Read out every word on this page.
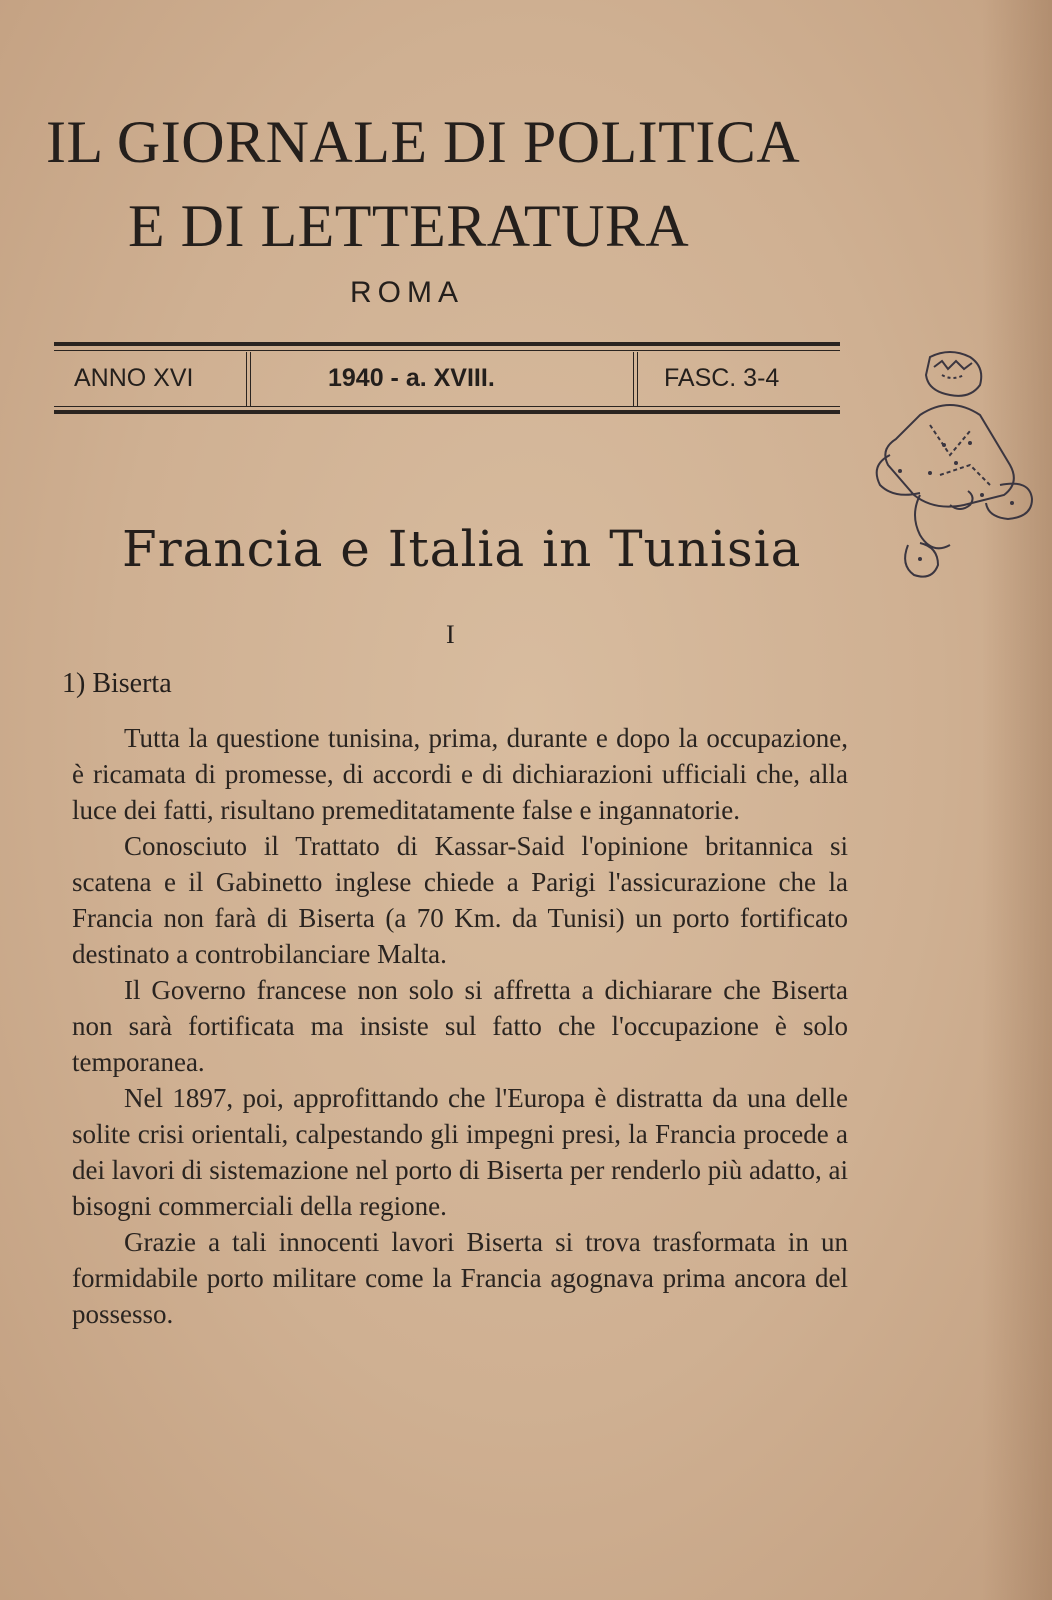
IL GIORNALE DI POLITICA
E DI LETTERATURA
ROMA
ANNO XVI	1940 - a. XVIII.	FASC. 3-4
Francia e Italia in Tunisia
I
1) Biserta

Tutta la questione tunisina, prima, durante e dopo la occupazione, è ricamata di promesse, di accordi e di dichiarazioni ufficiali che, alla luce dei fatti, risultano premeditatamente false e ingannatorie.

Conosciuto il Trattato di Kassar-Said l'opinione britannica si scatena e il Gabinetto inglese chiede a Parigi l'assicurazione che la Francia non farà di Biserta (a 70 Km. da Tunisi) un porto fortificato destinato a controbilanciare Malta.

Il Governo francese non solo si affretta a dichiarare che Biserta non sarà fortificata ma insiste sul fatto che l'occupazione è solo temporanea.

Nel 1897, poi, approfittando che l'Europa è distratta da una delle solite crisi orientali, calpestando gli impegni presi, la Francia procede a dei lavori di sistemazione nel porto di Biserta per renderlo più adatto, ai bisogni commerciali della regione.

Grazie a tali innocenti lavori Biserta si trova trasformata in un formidabile porto militare come la Francia agognava prima ancora del possesso.
